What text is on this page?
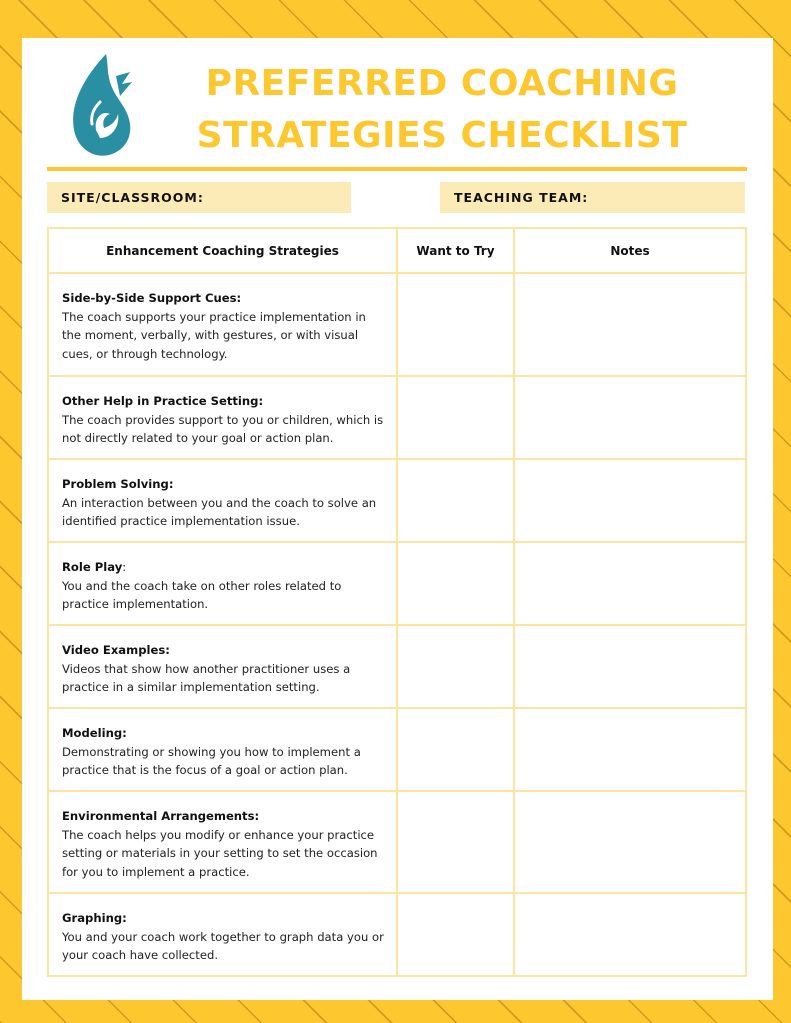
PREFERRED COACHING
STRATEGIES CHECKLIST
SITE/CLASSROOM:	TEACHING TEAM:
Enhancement Coaching Strategies	Want to Try	Notes

Side-by-Side Support Cues:
The coach supports your practice implementation in the moment, verbally, with gestures, or with visual cues, or through technology.		

Other Help in Practice Setting:
The coach provides support to you or children, which is not directly related to your goal or action plan.		

Problem Solving:
An interaction between you and the coach to solve an identified practice implementation issue.		

Role Play:
You and the coach take on other roles related to practice implementation.		

Video Examples:
Videos that show how another practitioner uses a practice in a similar implementation setting.		

Modeling:
Demonstrating or showing you how to implement a practice that is the focus of a goal or action plan.		

Environmental Arrangements:
The coach helps you modify or enhance your practice setting or materials in your setting to set the occasion for you to implement a practice.		

Graphing:
You and your coach work together to graph data you or your coach have collected.		
